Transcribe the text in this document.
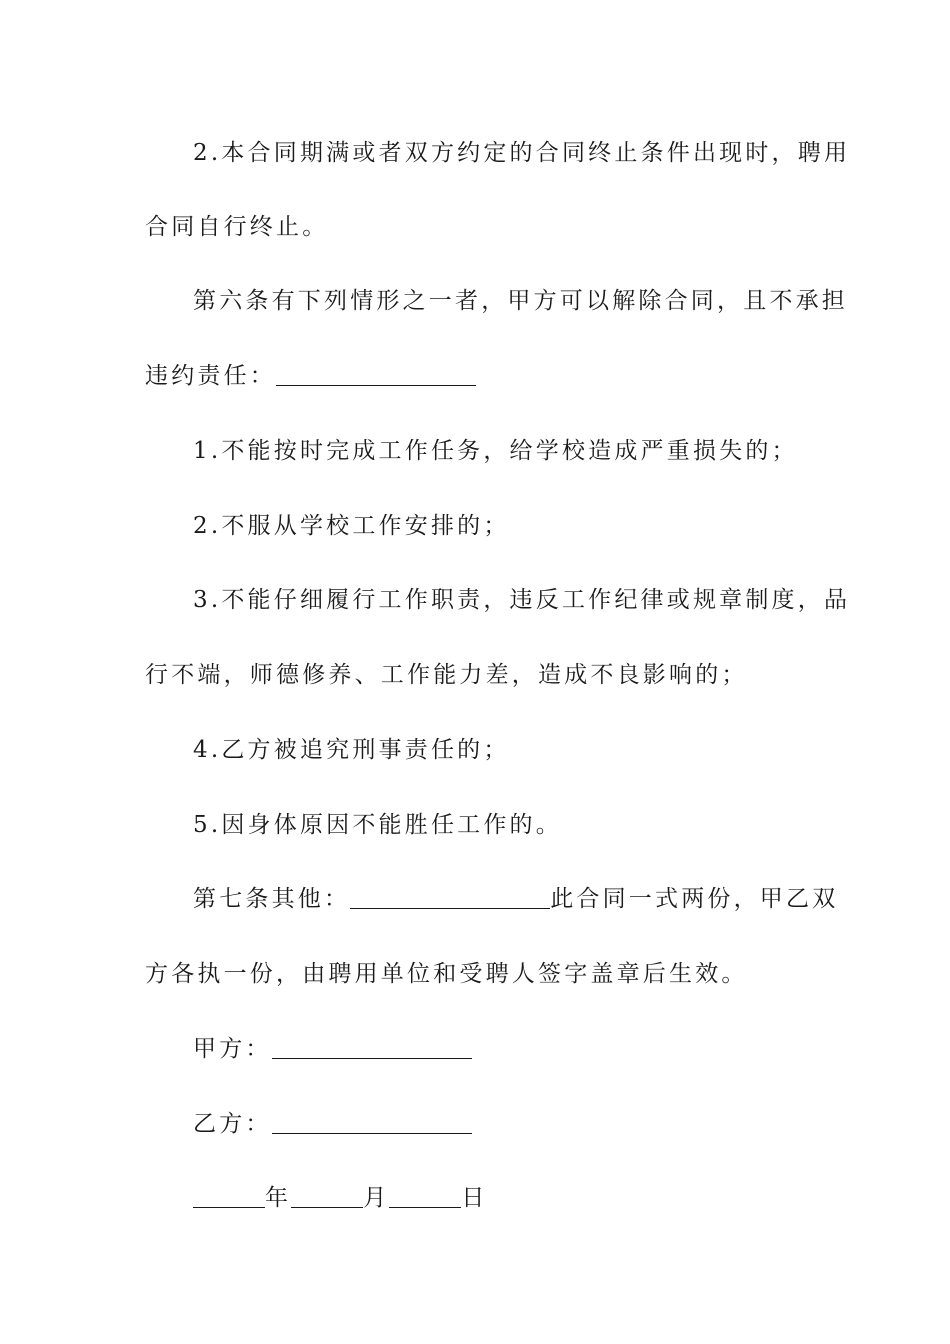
2.本合同期满或者双方约定的合同终止条件出现时，聘用
合同自行终止。
第六条有下列情形之一者，甲方可以解除合同，且不承担
违约责任：
1.不能按时完成工作任务，给学校造成严重损失的；
2.不服从学校工作安排的；
3.不能仔细履行工作职责，违反工作纪律或规章制度，品
行不端，师德修养、工作能力差，造成不良影响的；
4.乙方被追究刑事责任的；
5.因身体原因不能胜任工作的。
第七条其他：	此合同一式两份，甲乙双
方各执一份，由聘用单位和受聘人签字盖章后生效。
甲方：
乙方：
年	月	日
